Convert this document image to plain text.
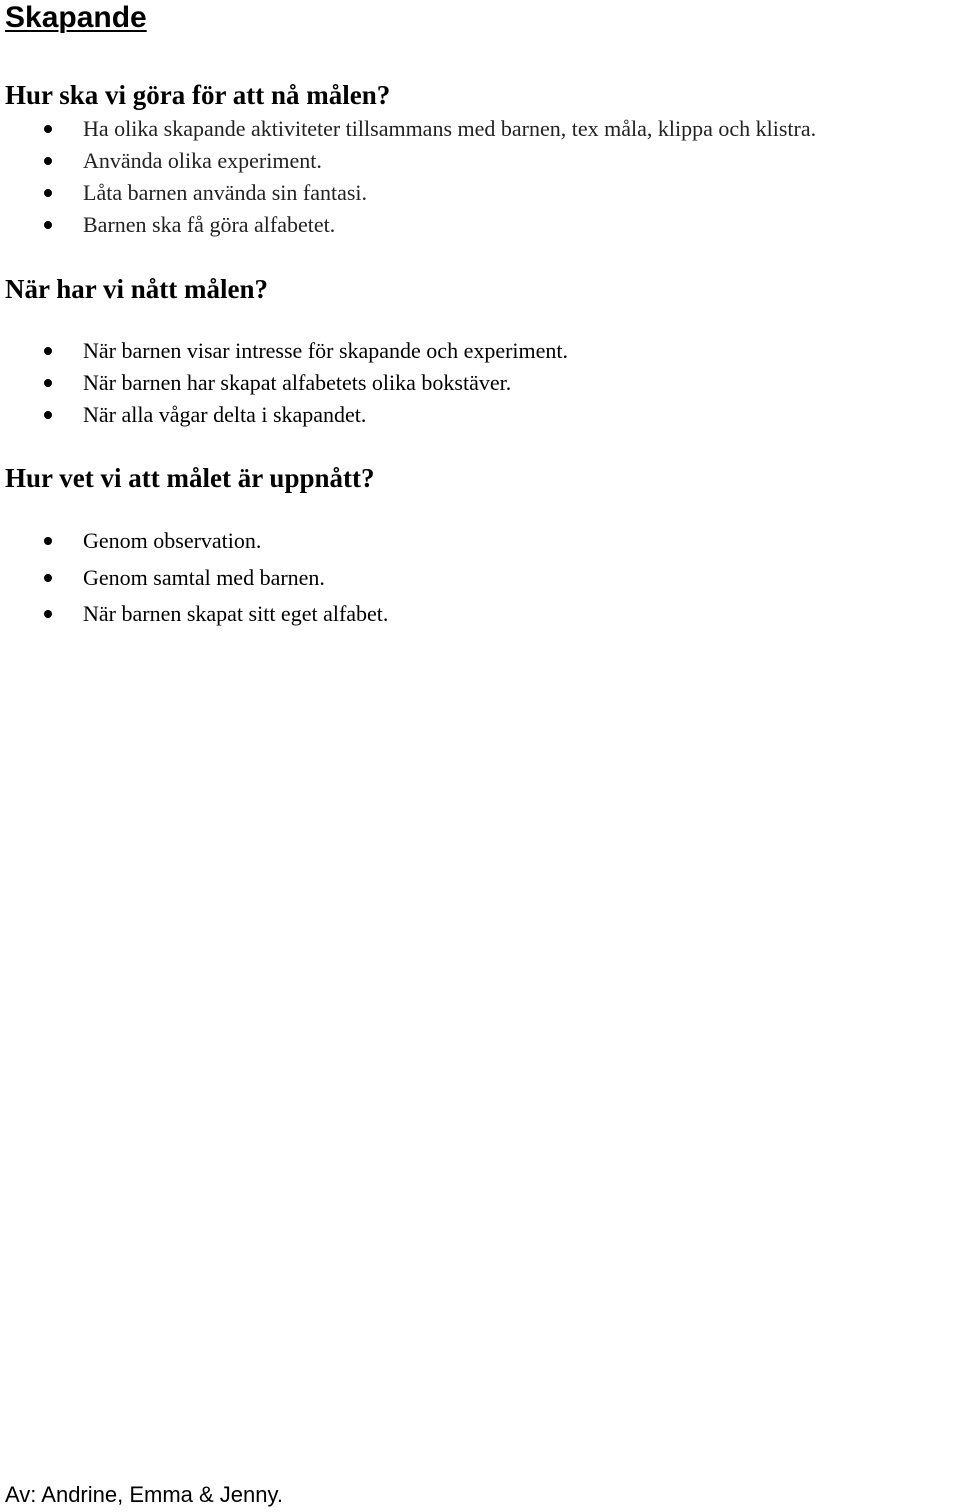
Skapande
Hur ska vi göra för att nå målen?
Ha olika skapande aktiviteter tillsammans med barnen, tex måla, klippa och klistra.
Använda olika experiment.
Låta barnen använda sin fantasi.
Barnen ska få göra alfabetet.
När har vi nått målen?
När barnen visar intresse för skapande och experiment.
När barnen har skapat alfabetets olika bokstäver.
När alla vågar delta i skapandet.
Hur vet vi att målet är uppnått?
Genom observation.
Genom samtal med barnen.
När barnen skapat sitt eget alfabet.

Av: Andrine, Emma & Jenny.
